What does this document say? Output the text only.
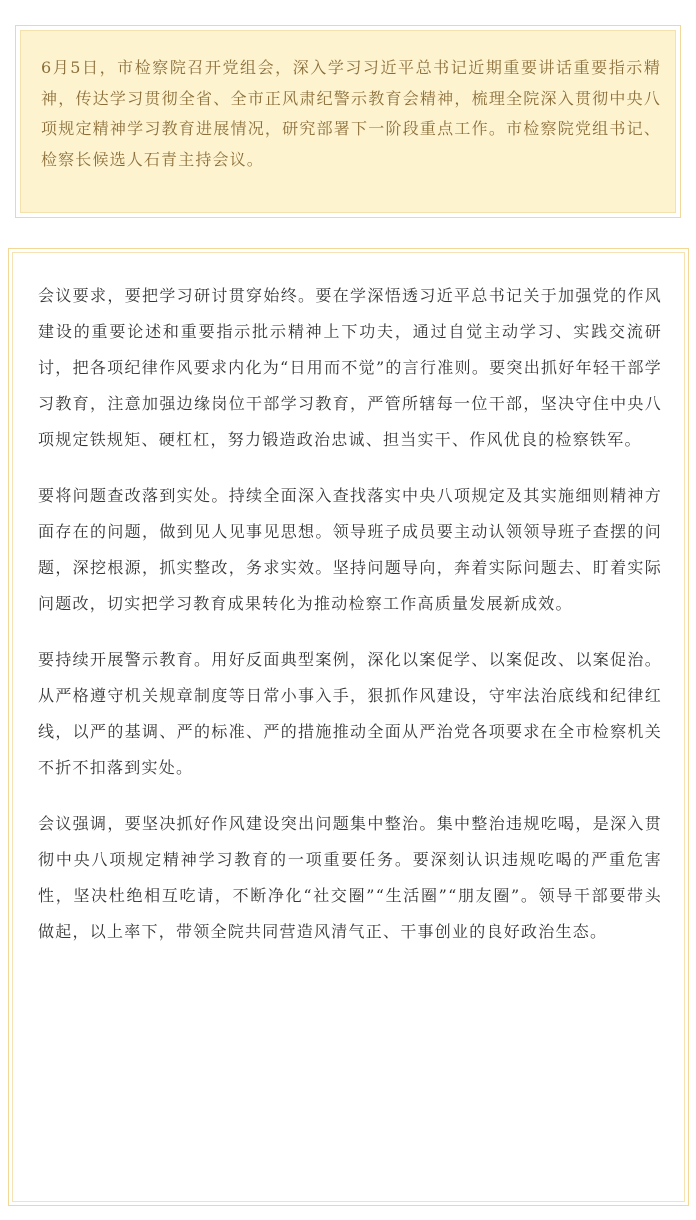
6月5日，市检察院召开党组会，深入学习习近平总书记近期重要讲话重要指示精神，传达学习贯彻全省、全市正风肃纪警示教育会精神，梳理全院深入贯彻中央八项规定精神学习教育进展情况，研究部署下一阶段重点工作。市检察院党组书记、检察长候选人石青主持会议。

会议要求，要把学习研讨贯穿始终。要在学深悟透习近平总书记关于加强党的作风建设的重要论述和重要指示批示精神上下功夫，通过自觉主动学习、实践交流研讨，把各项纪律作风要求内化为“日用而不觉”的言行准则。要突出抓好年轻干部学习教育，注意加强边缘岗位干部学习教育，严管所辖每一位干部，坚决守住中央八项规定铁规矩、硬杠杠，努力锻造政治忠诚、担当实干、作风优良的检察铁军。

要将问题查改落到实处。持续全面深入查找落实中央八项规定及其实施细则精神方面存在的问题，做到见人见事见思想。领导班子成员要主动认领领导班子查摆的问题，深挖根源，抓实整改，务求实效。坚持问题导向，奔着实际问题去、盯着实际问题改，切实把学习教育成果转化为推动检察工作高质量发展新成效。

要持续开展警示教育。用好反面典型案例，深化以案促学、以案促改、以案促治。从严格遵守机关规章制度等日常小事入手，狠抓作风建设，守牢法治底线和纪律红线，以严的基调、严的标准、严的措施推动全面从严治党各项要求在全市检察机关不折不扣落到实处。

会议强调，要坚决抓好作风建设突出问题集中整治。集中整治违规吃喝，是深入贯彻中央八项规定精神学习教育的一项重要任务。要深刻认识违规吃喝的严重危害性，坚决杜绝相互吃请，不断净化“社交圈”“生活圈”“朋友圈”。领导干部要带头做起，以上率下，带领全院共同营造风清气正、干事创业的良好政治生态。
